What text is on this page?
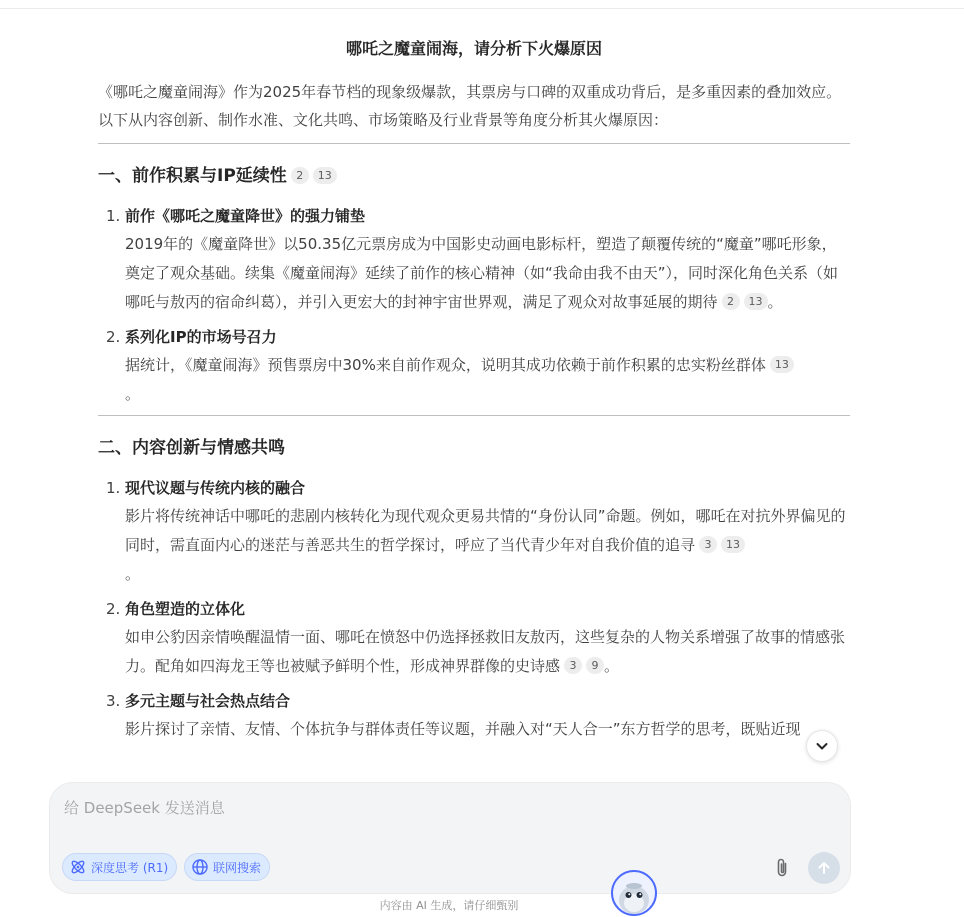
哪吒之魔童闹海，请分析下火爆原因

《哪吒之魔童闹海》作为2025年春节档的现象级爆款，其票房与口碑的双重成功背后，是多重因素的叠加效应。以下从内容创新、制作水准、文化共鸣、市场策略及行业背景等角度分析其火爆原因：

一、前作积累与IP延续性 2 13
1. 前作《哪吒之魔童降世》的强力铺垫
2019年的《魔童降世》以50.35亿元票房成为中国影史动画电影标杆，塑造了颠覆传统的“魔童”哪吒形象，奠定了观众基础。续集《魔童闹海》延续了前作的核心精神（如“我命由我不由天”），同时深化角色关系（如哪吒与敖丙的宿命纠葛），并引入更宏大的封神宇宙世界观，满足了观众对故事延展的期待 2 13 。
2. 系列化IP的市场号召力
据统计，《魔童闹海》预售票房中30%来自前作观众，说明其成功依赖于前作积累的忠实粉丝群体 13
。
二、内容创新与情感共鸣
1. 现代议题与传统内核的融合
影片将传统神话中哪吒的悲剧内核转化为现代观众更易共情的“身份认同”命题。例如，哪吒在对抗外界偏见的同时，需直面内心的迷茫与善恶共生的哲学探讨，呼应了当代青少年对自我价值的追寻 3 13
。
2. 角色塑造的立体化
如申公豹因亲情唤醒温情一面、哪吒在愤怒中仍选择拯救旧友敖丙，这些复杂的人物关系增强了故事的情感张力。配角如四海龙王等也被赋予鲜明个性，形成神界群像的史诗感 3 9 。
3. 多元主题与社会热点结合
影片探讨了亲情、友情、个体抗争与群体责任等议题，并融入对“天人合一”东方哲学的思考，既贴近现
给 DeepSeek 发送消息
深度思考 (R1)	联网搜索
内容由 AI 生成，请仔细甄别
